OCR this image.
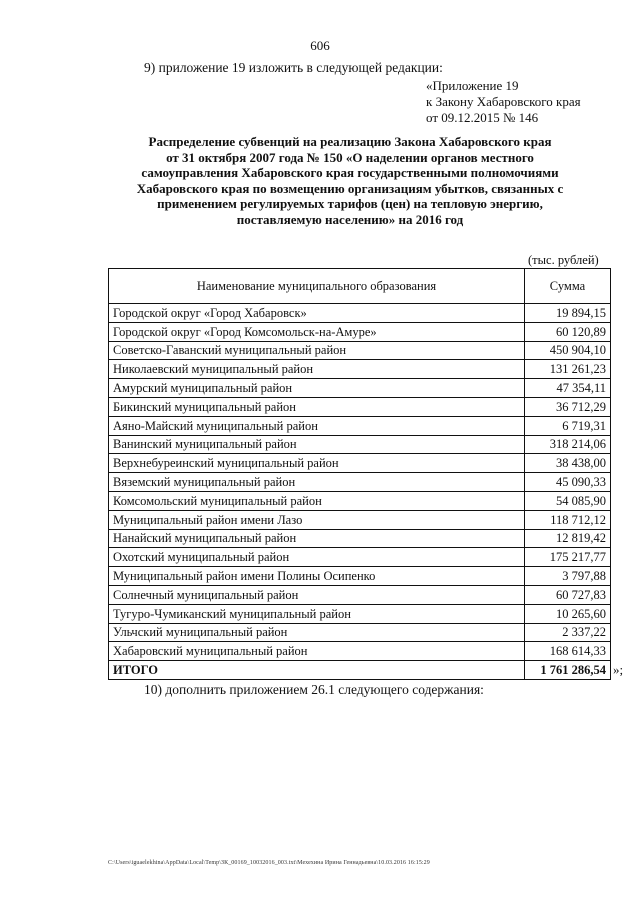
606
9) приложение 19 изложить в следующей редакции:
«Приложение 19
к Закону Хабаровского края
от 09.12.2015 № 146
Распределение субвенций на реализацию Закона Хабаровского края
от 31 октября 2007 года № 150 «О наделении органов местного
самоуправления Хабаровского края государственными полномочиями
Хабаровского края по возмещению организациям убытков, связанных с
применением регулируемых тарифов (цен) на тепловую энергию,
поставляемую населению» на 2016 год
(тыс. рублей)
Наименование муниципального образования	Сумма
Городской округ «Город Хабаровск»	19 894,15
Городской округ «Город Комсомольск-на-Амуре»	60 120,89
Советско-Гаванский муниципальный район	450 904,10
Николаевский муниципальный район	131 261,23
Амурский муниципальный район	47 354,11
Бикинский муниципальный район	36 712,29
Аяно-Майский муниципальный район	6 719,31
Ванинский муниципальный район	318 214,06
Верхнебуреинский муниципальный район	38 438,00
Вяземский муниципальный район	45 090,33
Комсомольский муниципальный район	54 085,90
Муниципальный район имени Лазо	118 712,12
Нанайский муниципальный район	12 819,42
Охотский муниципальный район	175 217,77
Муниципальный район имени Полины Осипенко	3 797,88
Солнечный муниципальный район	60 727,83
Тугуро-Чумиканский муниципальный район	10 265,60
Ульчский муниципальный район	2 337,22
Хабаровский муниципальный район	168 614,33
ИТОГО	1 761 286,54 »;
10) дополнить приложением 26.1 следующего содержания:
C:\Users\iguaelekhina\AppData\Local\Temp\ЗК_00169_10032016_003.txt\Мехехина Ирина Геннадьевна\10.03.2016 16:15:29
